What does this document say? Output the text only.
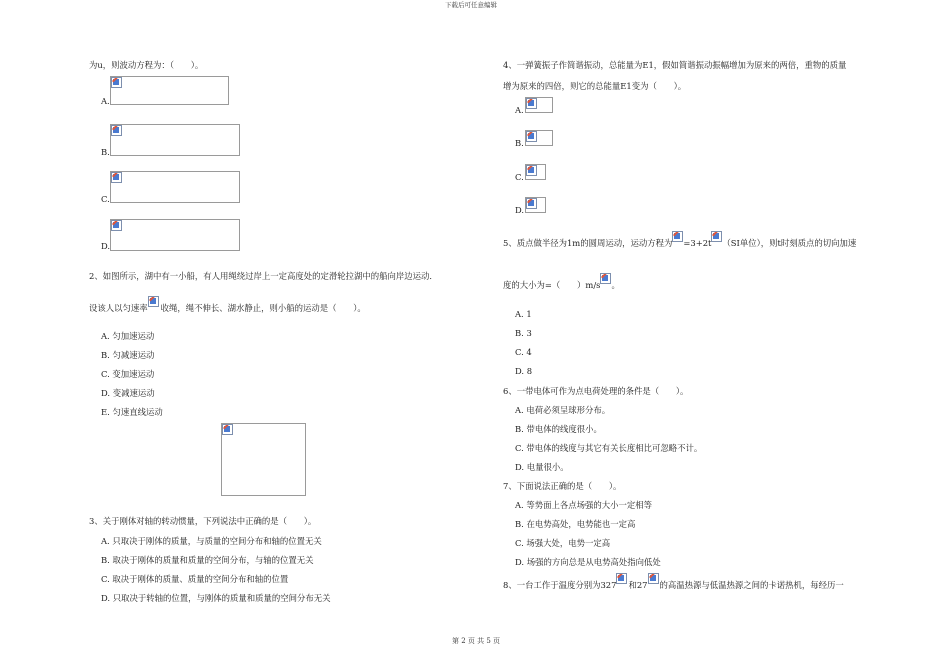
下载后可任意编辑
第 2 页 共 5 页
为u，则波动方程为：（　　）。
A.
B.
C.
D.
2、如图所示，湖中有一小船，有人用绳绕过岸上一定高度处的定滑轮拉湖中的船向岸边运动．
设该人以匀速率 收绳，绳不伸长、湖水静止，则小船的运动是（　　）。
A. 匀加速运动
B. 匀减速运动
C. 变加速运动
D. 变减速运动
E. 匀速直线运动
3、关于刚体对轴的转动惯量，下列说法中正确的是（　　）。
A. 只取决于刚体的质量，与质量的空间分布和轴的位置无关
B. 取决于刚体的质量和质量的空间分布，与轴的位置无关
C. 取决于刚体的质量、质量的空间分布和轴的位置
D. 只取决于转轴的位置，与刚体的质量和质量的空间分布无关
4、一弹簧振子作简谐振动，总能量为E1，假如简谐振动振幅增加为原来的两倍，重物的质量
增为原来的四倍，则它的总能量E1变为（　　）。
A.
B.
C.
D.
5、质点做半径为1m的圆周运动，运动方程为 =3+2t （SI单位），则t时刻质点的切向加速
度的大小为=（　　）m/s 。
A. 1
B. 3
C. 4
D. 8
6、一带电体可作为点电荷处理的条件是（　　）。
A. 电荷必须呈球形分布。
B. 带电体的线度很小。
C. 带电体的线度与其它有关长度相比可忽略不计。
D. 电量很小。
7、下面说法正确的是（　　）。
A. 等势面上各点场强的大小一定相等
B. 在电势高处，电势能也一定高
C. 场强大处，电势一定高
D. 场强的方向总是从电势高处指向低处
8、一台工作于温度分别为327 和27 的高温热源与低温热源之间的卡诺热机，每经历一
